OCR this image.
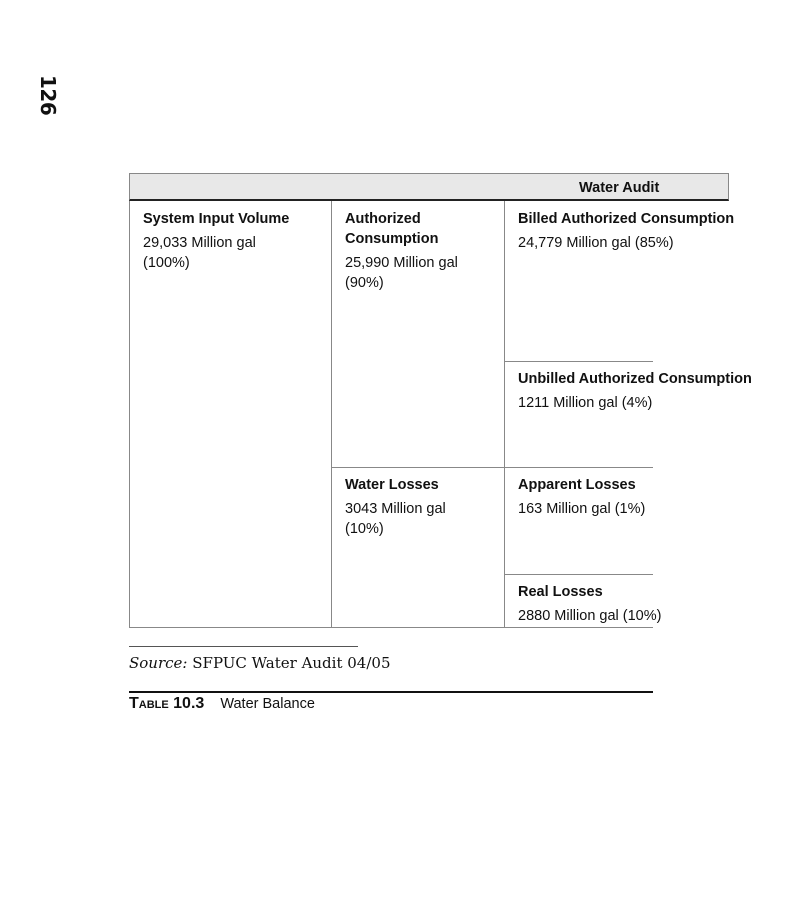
126
Water Audit
System Input Volume
29,033 Million gal
(100%)
Authorized
Consumption
25,990 Million gal
(90%)
Water Losses
3043 Million gal
(10%)
Billed Authorized Consumption
24,779 Million gal (85%)
Unbilled Authorized Consumption
1211 Million gal (4%)
Apparent Losses
163 Million gal (1%)
Real Losses
2880 Million gal (10%)
Source: SFPUC Water Audit 04/05
Table 10.3 Water Balance
